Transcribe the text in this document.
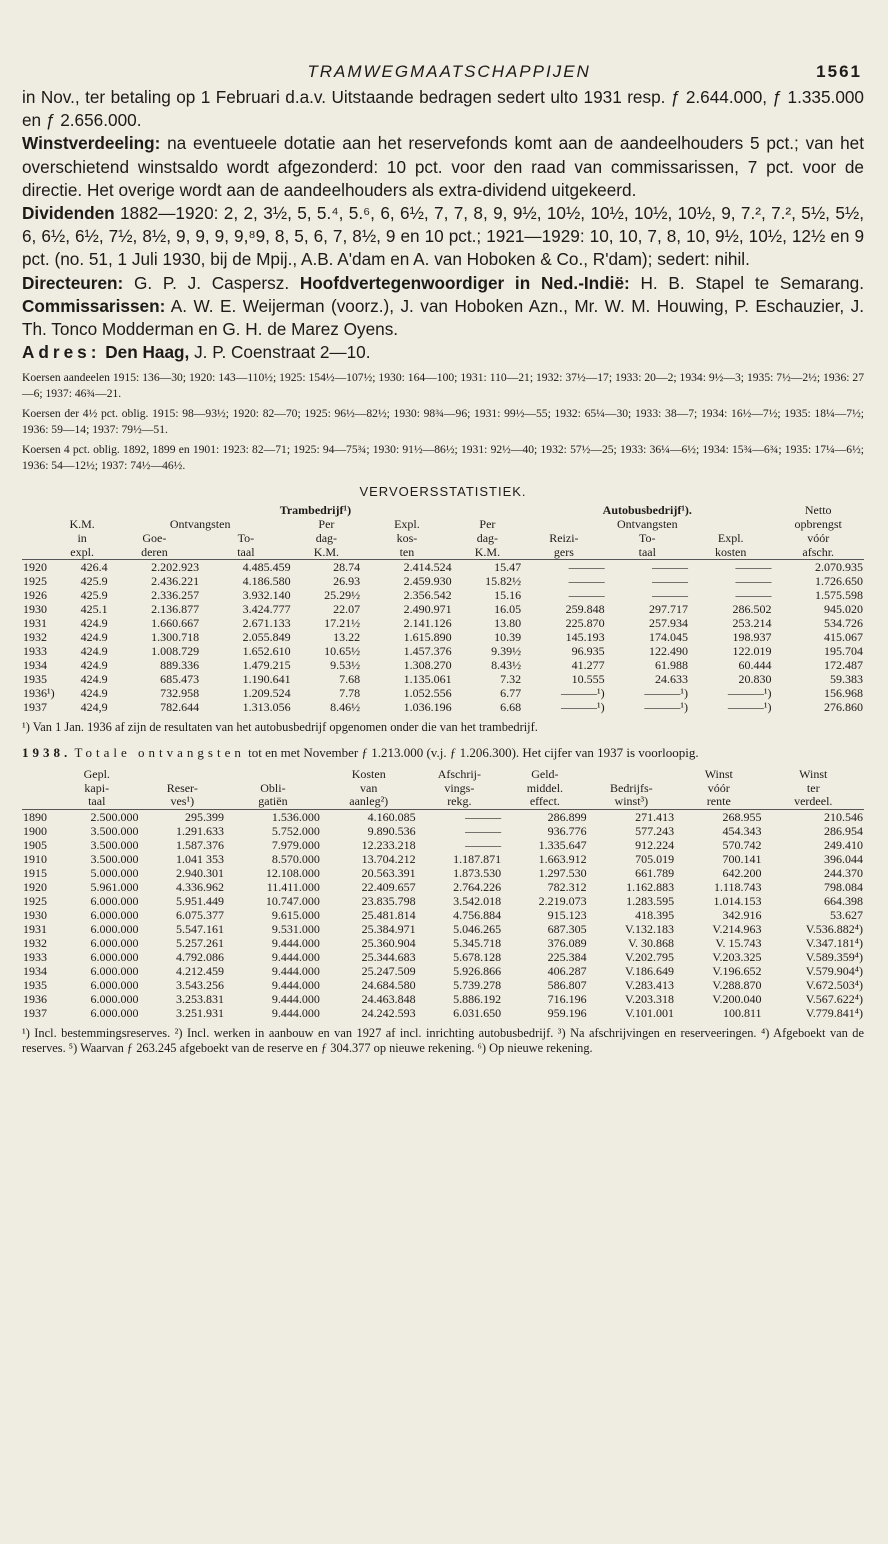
TRAMWEGMAATSCHAPPIJEN	1561

in Nov., ter betaling op 1 Februari d.a.v. Uitstaande bedragen sedert ulto 1931 resp. ƒ 2.644.000, ƒ 1.335.000 en ƒ 2.656.000.

Winstverdeeling: na eventueele dotatie aan het reservefonds komt aan de aandeelhouders 5 pct.; van het overschietend winstsaldo wordt afgezonderd: 10 pct. voor den raad van commissarissen, 7 pct. voor de directie. Het overige wordt aan de aandeelhouders als extra-dividend uitgekeerd.

Dividenden 1882—1920: 2, 2, 3½, 5, 5.⁴, 5.⁶, 6, 6½, 7, 7, 8, 9, 9½, 10½, 10½, 10½, 10½, 9, 7.², 7.², 5½, 5½, 6, 6½, 6½, 7½, 8½, 9, 9, 9, 9,⁸9, 8, 5, 6, 7, 8½, 9 en 10 pct.; 1921—1929: 10, 10, 7, 8, 10, 9½, 10½, 12½ en 9 pct. (no. 51, 1 Juli 1930, bij de Mpij., A.B. A'dam en A. van Hoboken & Co., R'dam); sedert: nihil.

Directeuren: G. P. J. Caspersz. Hoofdvertegenwoordiger in Ned.-Indië: H. B. Stapel te Semarang. Commissarissen: A. W. E. Weijerman (voorz.), J. van Hoboken Azn., Mr. W. M. Houwing, P. Eschauzier, J. Th. Tonco Modderman en G. H. de Marez Oyens.

Adres: Den Haag, J. P. Coenstraat 2—10.

Koersen aandeelen 1915: 136—30; 1920: 143—110½; 1925: 154½—107½; 1930: 164—100; 1931: 110—21; 1932: 37½—17; 1933: 20—2; 1934: 9½—3; 1935: 7½—2½; 1936: 27—6; 1937: 46¾—21.

Koersen der 4½ pct. oblig. 1915: 98—93½; 1920: 82—70; 1925: 96½—82½; 1930: 98¾—96; 1931: 99½—55; 1932: 65¼—30; 1933: 38—7; 1934: 16½—7½; 1935: 18¼—7½; 1936: 59—14; 1937: 79½—51.

Koersen 4 pct. oblig. 1892, 1899 en 1901: 1923: 82—71; 1925: 94—75¾; 1930: 91½—86½; 1931: 92½—40; 1932: 57½—25; 1933: 36¼—6½; 1934: 15¾—6¾; 1935: 17¼—6½; 1936: 54—12½; 1937: 74½—46½.

VERVOERSSTATISTIEK.
		Trambedrijf¹)					Autobusbedrijf¹).			Netto
	K.M.	Ontvangsten		Per	Expl.	Per	Ontvangsten			opbrengst
	in	Goe-	To-	dag-	kos-	dag-	Reizi-	To-	Expl.	vóór
	expl.	deren	taal	K.M.	ten	K.M.	gers	taal	kosten	afschr.
1920	426.4	2.202.923	4.485.459	28.74	2.414.524	15.47	———	———	———	2.070.935
1925	425.9	2.436.221	4.186.580	26.93	2.459.930	15.82½	———	———	———	1.726.650
1926	425.9	2.336.257	3.932.140	25.29½	2.356.542	15.16	———	———	———	1.575.598
1930	425.1	2.136.877	3.424.777	22.07	2.490.971	16.05	259.848	297.717	286.502	945.020
1931	424.9	1.660.667	2.671.133	17.21½	2.141.126	13.80	225.870	257.934	253.214	534.726
1932	424.9	1.300.718	2.055.849	13.22	1.615.890	10.39	145.193	174.045	198.937	415.067
1933	424.9	1.008.729	1.652.610	10.65½	1.457.376	9.39½	96.935	122.490	122.019	195.704
1934	424.9	889.336	1.479.215	9.53½	1.308.270	8.43½	41.277	61.988	60.444	172.487
1935	424.9	685.473	1.190.641	7.68	1.135.061	7.32	10.555	24.633	20.830	59.383
1936¹)	424.9	732.958	1.209.524	7.78	1.052.556	6.77	———¹)	———¹)	———¹)	156.968
1937	424,9	782.644	1.313.056	8.46½	1.036.196	6.68	———¹)	———¹)	———¹)	276.860
¹) Van 1 Jan. 1936 af zijn de resultaten van het autobusbedrijf opgenomen onder die van het trambedrijf.
1938. Totale ontvangsten tot en met November ƒ 1.213.000 (v.j. ƒ 1.206.300). Het cijfer van 1937 is voorloopig.
	Gepl.			Kosten	Afschrij-	Geld-		Winst	Winst
	kapi-	Reser-	Obli-	van	vings-	middel.	Bedrijfs-	vóór	ter
	taal	ves¹)	gatiën	aanleg²)	rekg.	effect.	winst³)	rente	verdeel.
1890	2.500.000	295.399	1.536.000	4.160.085	———	286.899	271.413	268.955	210.546
1900	3.500.000	1.291.633	5.752.000	9.890.536	———	936.776	577.243	454.343	286.954
1905	3.500.000	1.587.376	7.979.000	12.233.218	———	1.335.647	912.224	570.742	249.410
1910	3.500.000	1.041 353	8.570.000	13.704.212	1.187.871	1.663.912	705.019	700.141	396.044
1915	5.000.000	2.940.301	12.108.000	20.563.391	1.873.530	1.297.530	661.789	642.200	244.370
1920	5.961.000	4.336.962	11.411.000	22.409.657	2.764.226	782.312	1.162.883	1.118.743	798.084
1925	6.000.000	5.951.449	10.747.000	23.835.798	3.542.018	2.219.073	1.283.595	1.014.153	664.398
1930	6.000.000	6.075.377	9.615.000	25.481.814	4.756.884	915.123	418.395	342.916	53.627
1931	6.000.000	5.547.161	9.531.000	25.384.971	5.046.265	687.305	V.132.183	V.214.963	V.536.882⁴)
1932	6.000.000	5.257.261	9.444.000	25.360.904	5.345.718	376.089	V. 30.868	V. 15.743	V.347.181⁴)
1933	6.000.000	4.792.086	9.444.000	25.344.683	5.678.128	225.384	V.202.795	V.203.325	V.589.359⁴)
1934	6.000.000	4.212.459	9.444.000	25.247.509	5.926.866	406.287	V.186.649	V.196.652	V.579.904⁴)
1935	6.000.000	3.543.256	9.444.000	24.684.580	5.739.278	586.807	V.283.413	V.288.870	V.672.503⁴)
1936	6.000.000	3.253.831	9.444.000	24.463.848	5.886.192	716.196	V.203.318	V.200.040	V.567.622⁴)
1937	6.000.000	3.251.931	9.444.000	24.242.593	6.031.650	959.196	V.101.001	100.811	V.779.841⁴)
¹) Incl. bestemmingsreserves. ²) Incl. werken in aanbouw en van 1927 af incl. inrichting autobusbedrijf. ³) Na afschrijvingen en reserveeringen. ⁴) Afgeboekt van de reserves. ⁵) Waarvan ƒ 263.245 afgeboekt van de reserve en ƒ 304.377 op nieuwe rekening. ⁶) Op nieuwe rekening.
